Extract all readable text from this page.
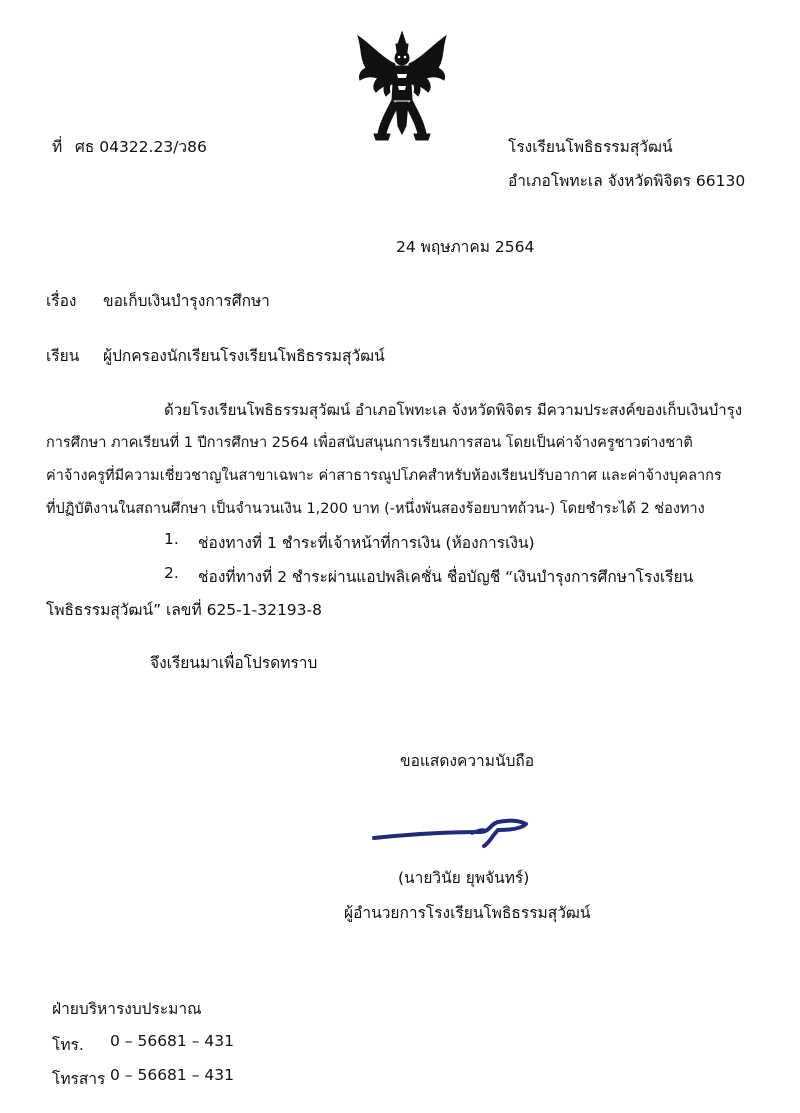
ที่ ศธ 04322.23/ว86	โรงเรียนโพธิธรรมสุวัฒน์
อำเภอโพทะเล จังหวัดพิจิตร 66130
24 พฤษภาคม 2564
เรื่อง ขอเก็บเงินบำรุงการศึกษา
เรียน ผู้ปกครองนักเรียนโรงเรียนโพธิธรรมสุวัฒน์
ด้วยโรงเรียนโพธิธรรมสุวัฒน์ อำเภอโพทะเล จังหวัดพิจิตร มีความประสงค์ของเก็บเงินบำรุง
การศึกษา ภาคเรียนที่ 1 ปีการศึกษา 2564 เพื่อสนับสนุนการเรียนการสอน โดยเป็นค่าจ้างครูชาวต่างชาติ
ค่าจ้างครูที่มีความเชี่ยวชาญในสาขาเฉพาะ ค่าสาธารณูปโภคสำหรับห้องเรียนปรับอากาศ และค่าจ้างบุคลากร
ที่ปฏิบัติงานในสถานศึกษา เป็นจำนวนเงิน 1,200 บาท (-หนึ่งพันสองร้อยบาทถ้วน-) โดยชำระได้ 2 ช่องทาง
1. ช่องทางที่ 1 ชำระที่เจ้าหน้าที่การเงิน (ห้องการเงิน)
2. ช่องที่ทางที่ 2 ชำระผ่านแอปพลิเคชั่น ชื่อบัญชี “เงินบำรุงการศึกษาโรงเรียน
โพธิธรรมสุวัฒน์” เลขที่ 625-1-32193-8
จึงเรียนมาเพื่อโปรดทราบ
ขอแสดงความนับถือ
(นายวินัย ยุพจันทร์)
ผู้อำนวยการโรงเรียนโพธิธรรมสุวัฒน์
ฝ่ายบริหารงบประมาณ
โทร. 0 – 56681 – 431
โทรสาร 0 – 56681 – 431
